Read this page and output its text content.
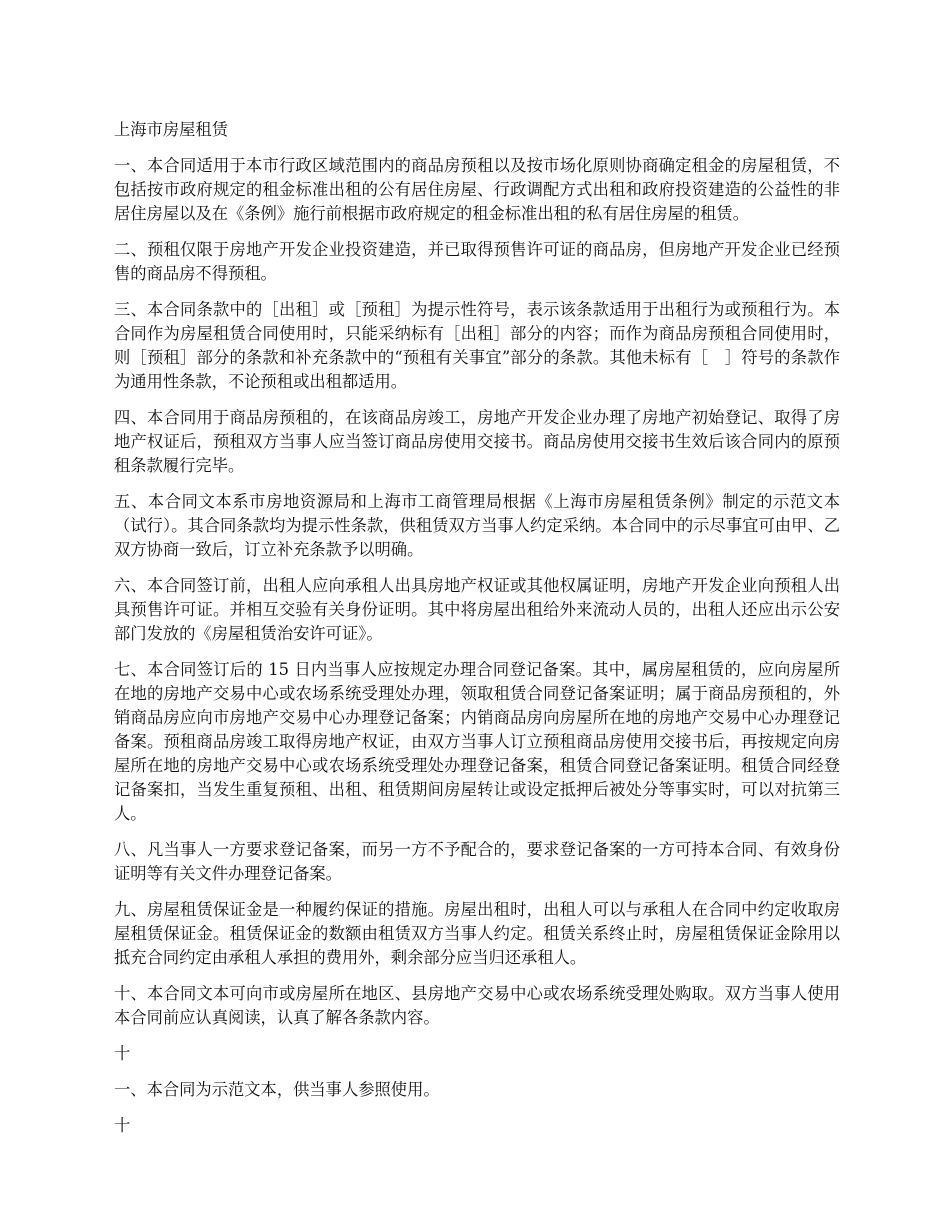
上海市房屋租赁

一、本合同适用于本市行政区域范围内的商品房预租以及按市场化原则协商确定租金的房屋租赁，不包括按市政府规定的租金标准出租的公有居住房屋、行政调配方式出租和政府投资建造的公益性的非居住房屋以及在《条例》施行前根据市政府规定的租金标准出租的私有居住房屋的租赁。

二、预租仅限于房地产开发企业投资建造，并已取得预售许可证的商品房，但房地产开发企业已经预售的商品房不得预租。

三、本合同条款中的［出租］或［预租］为提示性符号，表示该条款适用于出租行为或预租行为。本合同作为房屋租赁合同使用时，只能采纳标有［出租］部分的内容；而作为商品房预租合同使用时，则［预租］部分的条款和补充条款中的“预租有关事宜”部分的条款。其他未标有［　］符号的条款作为通用性条款，不论预租或出租都适用。

四、本合同用于商品房预租的，在该商品房竣工，房地产开发企业办理了房地产初始登记、取得了房地产权证后，预租双方当事人应当签订商品房使用交接书。商品房使用交接书生效后该合同内的原预租条款履行完毕。

五、本合同文本系市房地资源局和上海市工商管理局根据《上海市房屋租赁条例》制定的示范文本（试行）。其合同条款均为提示性条款，供租赁双方当事人约定采纳。本合同中的示尽事宜可由甲、乙双方协商一致后，订立补充条款予以明确。

六、本合同签订前，出租人应向承租人出具房地产权证或其他权属证明，房地产开发企业向预租人出具预售许可证。并相互交验有关身份证明。其中将房屋出租给外来流动人员的，出租人还应出示公安部门发放的《房屋租赁治安许可证》。

七、本合同签订后的 15 日内当事人应按规定办理合同登记备案。其中，属房屋租赁的，应向房屋所在地的房地产交易中心或农场系统受理处办理，领取租赁合同登记备案证明；属于商品房预租的，外销商品房应向市房地产交易中心办理登记备案；内销商品房向房屋所在地的房地产交易中心办理登记备案。预租商品房竣工取得房地产权证，由双方当事人订立预租商品房使用交接书后，再按规定向房屋所在地的房地产交易中心或农场系统受理处办理登记备案，租赁合同登记备案证明。租赁合同经登记备案扣，当发生重复预租、出租、租赁期间房屋转让或设定抵押后被处分等事实时，可以对抗第三人。

八、凡当事人一方要求登记备案，而另一方不予配合的，要求登记备案的一方可持本合同、有效身份证明等有关文件办理登记备案。

九、房屋租赁保证金是一种履约保证的措施。房屋出租时，出租人可以与承租人在合同中约定收取房屋租赁保证金。租赁保证金的数额由租赁双方当事人约定。租赁关系终止时，房屋租赁保证金除用以抵充合同约定由承租人承担的费用外，剩余部分应当归还承租人。

十、本合同文本可向市或房屋所在地区、县房地产交易中心或农场系统受理处购取。双方当事人使用本合同前应认真阅读，认真了解各条款内容。

十

一、本合同为示范文本，供当事人参照使用。

十
